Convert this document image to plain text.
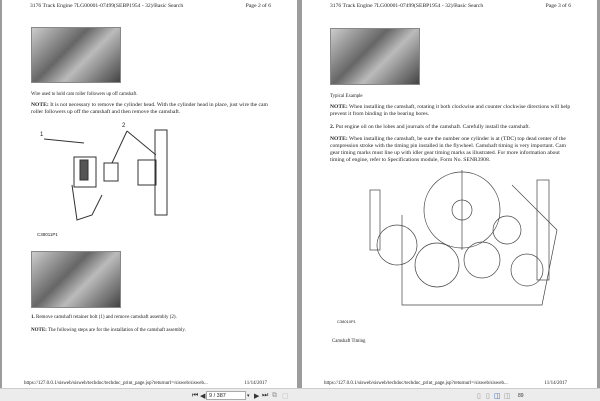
3176 Track Engine 7LG00001-07499(SEBP1954 - 32)/Basic Search	Page 2 of 6
Wire used to hold cam roller followers up off camshaft.
NOTE: It is not necessary to remove the cylinder head. With the cylinder head in place, just wire the cam roller followers up off the camshaft and then remove the camshaft.
1
2
C38011P1
1. Remove camshaft retainer bolt (1) and remove camshaft assembly (2).
NOTE: The following steps are for the installation of the camshaft assembly.
https://127.0.0.1/sisweb/sisweb/techdoc/techdoc_print_page.jsp?returnurl=/sisweb/sisweb...	11/14/2017
3176 Track Engine 7LG00001-07499(SEBP1954 - 32)/Basic Search	Page 3 of 6
Typical Example
NOTE: When installing the camshaft, rotating it both clockwise and counter clockwise directions will help prevent it from binding in the bearing bores.
2. Put engine oil on the lobes and journals of the camshaft. Carefully install the camshaft.
NOTE: When installing the camshaft, be sure the number one cylinder is at (TDC) top dead center of the compression stroke with the timing pin installed in the flywheel. Camshaft timing is very important. Cam gear timing marks must line up with idler gear timing marks as illustrated. For more information about timing of engine, refer to Specifications module, Form No. SENR3908.
C38010P1
Camshaft Timing
https://127.0.0.1/sisweb/sisweb/techdoc/techdoc_print_page.jsp?returnurl=/sisweb/sisweb...	11/14/2017
⏮ ◀ 9 / 387	▾ ▶ ⏭ ⧉ ▢	▯ ▯ ◫ ◫ 89
